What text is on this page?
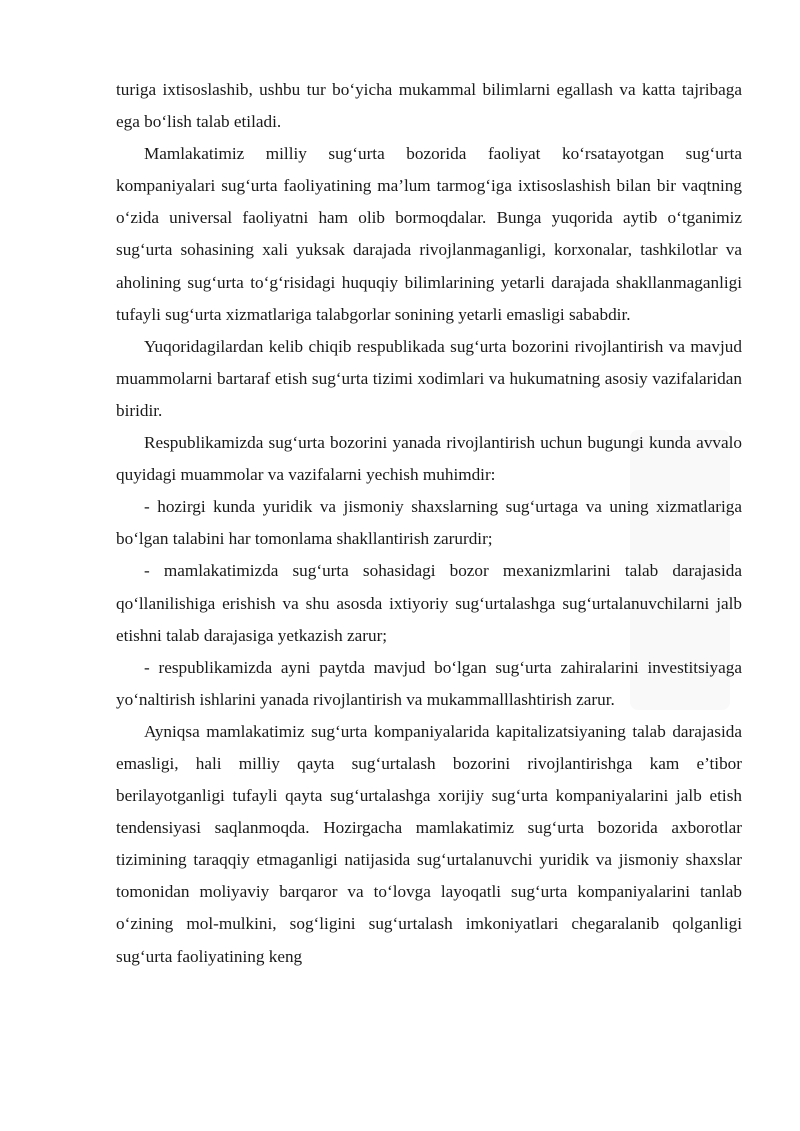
turiga ixtisoslashib, ushbu tur bo‘yicha mukammal bilimlarni egallash va katta tajribaga ega bo‘lish talab etiladi.

Mamlakatimiz milliy sug‘urta bozorida faoliyat ko‘rsatayotgan sug‘urta kompaniyalari sug‘urta faoliyatining ma’lum tarmog‘iga ixtisoslashish bilan bir vaqtning o‘zida universal faoliyatni ham olib bormoqdalar. Bunga yuqorida aytib o‘tganimiz sug‘urta sohasining xali yuksak darajada rivojlanmaganligi, korxonalar, tashkilotlar va aholining sug‘urta to‘g‘risidagi huquqiy bilimlarining yetarli darajada shakllanmaganligi tufayli sug‘urta xizmatlariga talabgorlar sonining yetarli emasligi sababdir.

Yuqoridagilardan kelib chiqib respublikada sug‘urta bozorini rivojlantirish va mavjud muammolarni bartaraf etish sug‘urta tizimi xodimlari va hukumatning asosiy vazifalaridan biridir.

Respublikamizda sug‘urta bozorini yanada rivojlantirish uchun bugungi kunda avvalo quyidagi muammolar va vazifalarni yechish muhimdir:

- hozirgi kunda yuridik va jismoniy shaxslarning sug‘urtaga va uning xizmatlariga bo‘lgan talabini har tomonlama shakllantirish zarurdir;

- mamlakatimizda sug‘urta sohasidagi bozor mexanizmlarini talab darajasida qo‘llanilishiga erishish va shu asosda ixtiyoriy sug‘urtalashga sug‘urtalanuvchilarni jalb etishni talab darajasiga yetkazish zarur;

- respublikamizda ayni paytda mavjud bo‘lgan sug‘urta zahiralarini investitsiyaga yo‘naltirish ishlarini yanada rivojlantirish va mukammalllashtirish zarur.

Ayniqsa mamlakatimiz sug‘urta kompaniyalarida kapitalizatsiyaning talab darajasida emasligi, hali milliy qayta sug‘urtalash bozorini rivojlantirishga kam e’tibor berilayotganligi tufayli qayta sug‘urtalashga xorijiy sug‘urta kompaniyalarini jalb etish tendensiyasi saqlanmoqda. Hozirgacha mamlakatimiz sug‘urta bozorida axborotlar tizimining taraqqiy etmaganligi natijasida sug‘urtalanuvchi yuridik va jismoniy shaxslar tomonidan moliyaviy barqaror va to‘lovga layoqatli sug‘urta kompaniyalarini tanlab o‘zining mol-mulkini, sog‘ligini sug‘urtalash imkoniyatlari chegaralanib qolganligi sug‘urta faoliyatining keng
